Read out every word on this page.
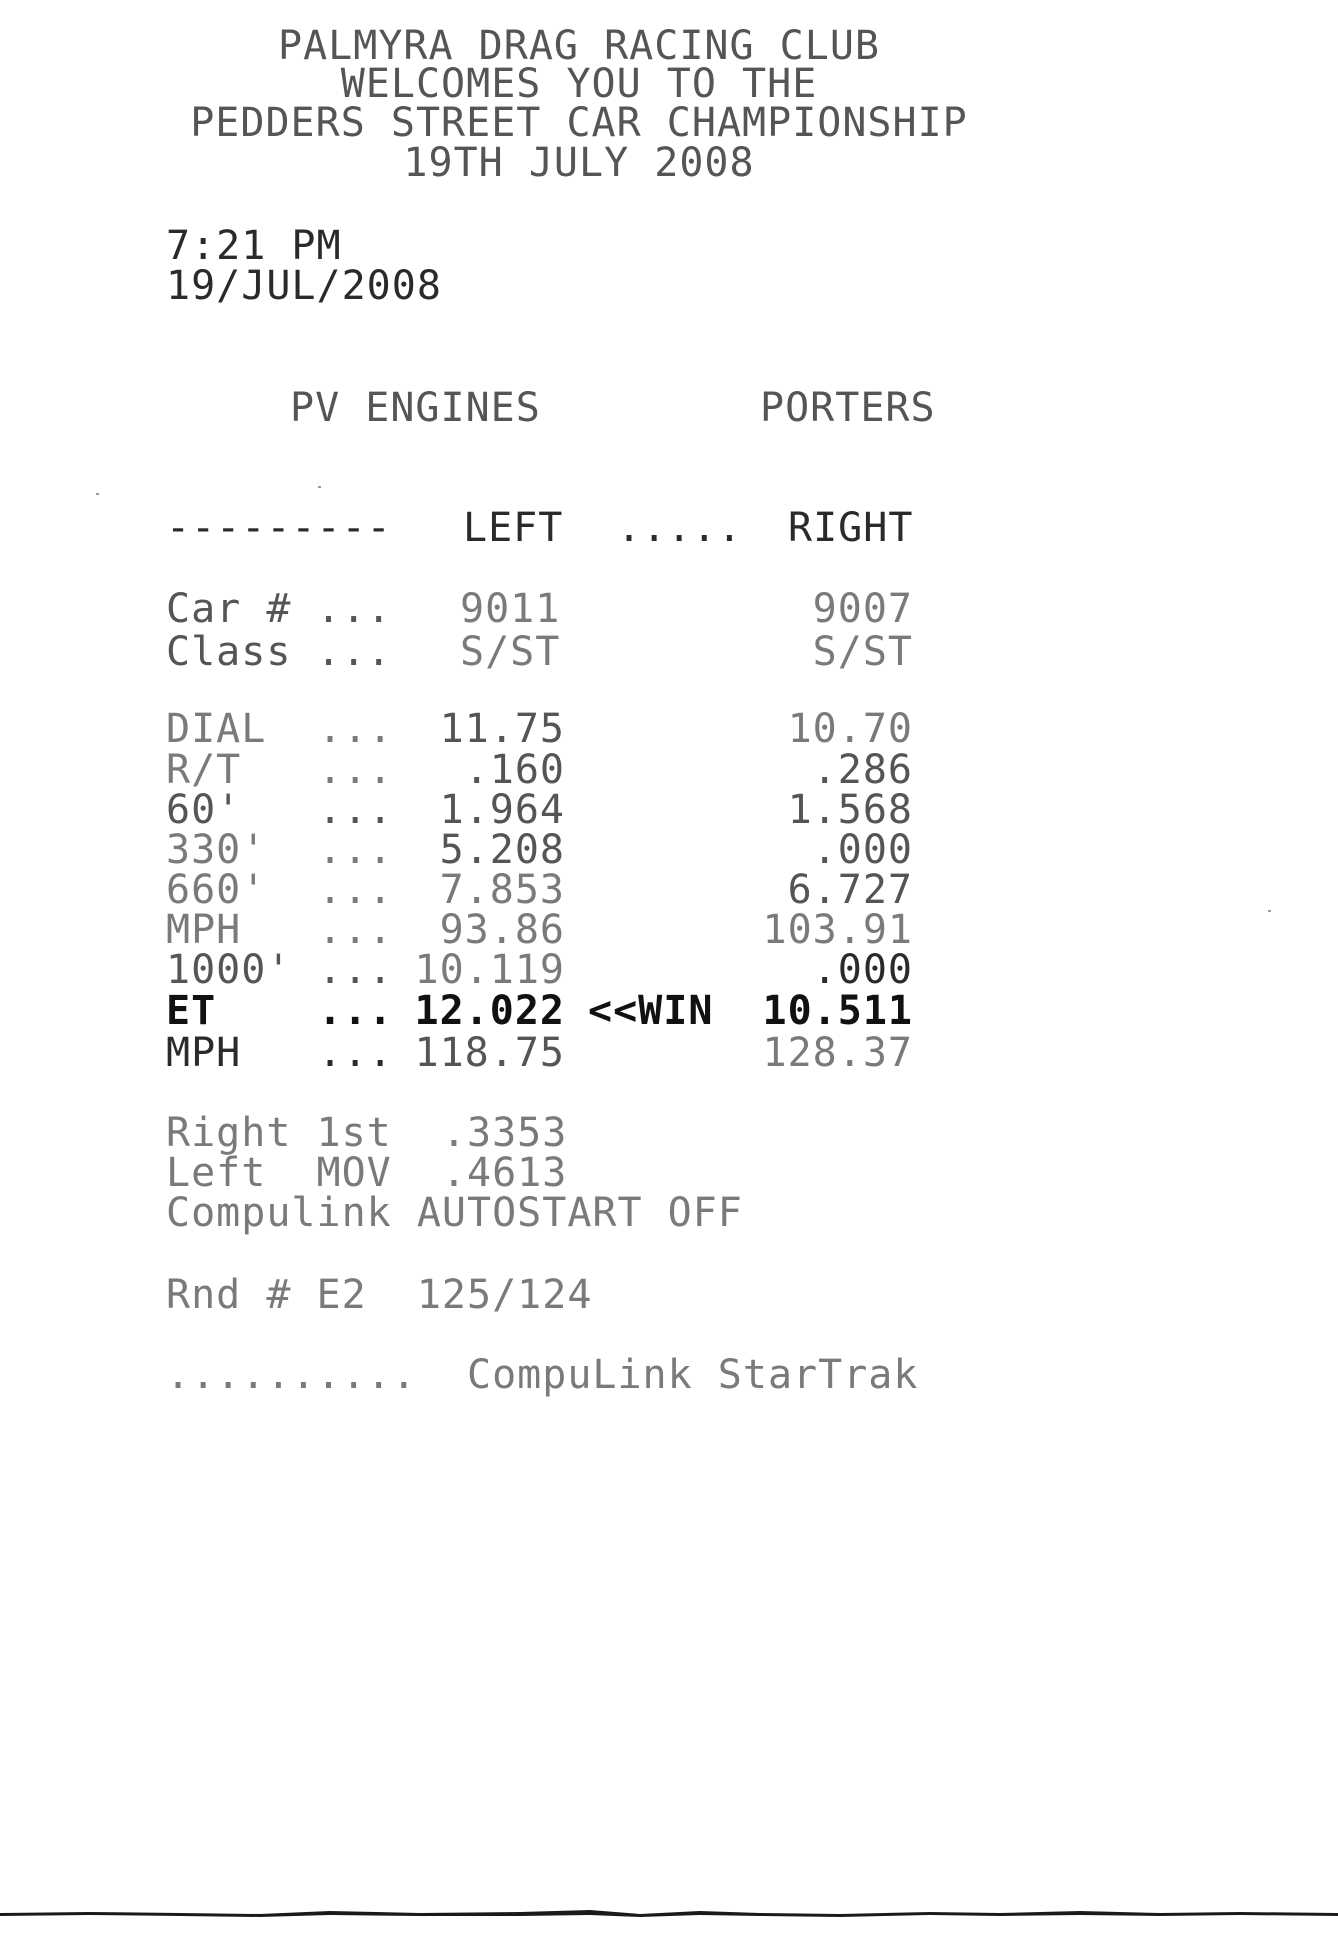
PALMYRA DRAG RACING CLUB
WELCOMES YOU TO THE
PEDDERS STREET CAR CHAMPIONSHIP
19TH JULY 2008
7:21 PM
19/JUL/2008
PV ENGINES	PORTERS
--------- LEFT ..... RIGHT
Car # ... 9011	9007
Class ... S/ST	S/ST
DIAL ...	11.75	10.70
R/T ...	.160	.286
60' ...	1.964	1.568
330' ...	5.208	.000
660' ...	7.853	6.727
MPH ...	93.86	103.91
1000' ... 10.119	.000
ET	... 12.022 <<WIN	10.511
MPH ... 118.75	128.37
Right 1st  .3353
Left  MOV  .4613
Compulink AUTOSTART OFF
Rnd # E2  125/124
..........  CompuLink StarTrak
